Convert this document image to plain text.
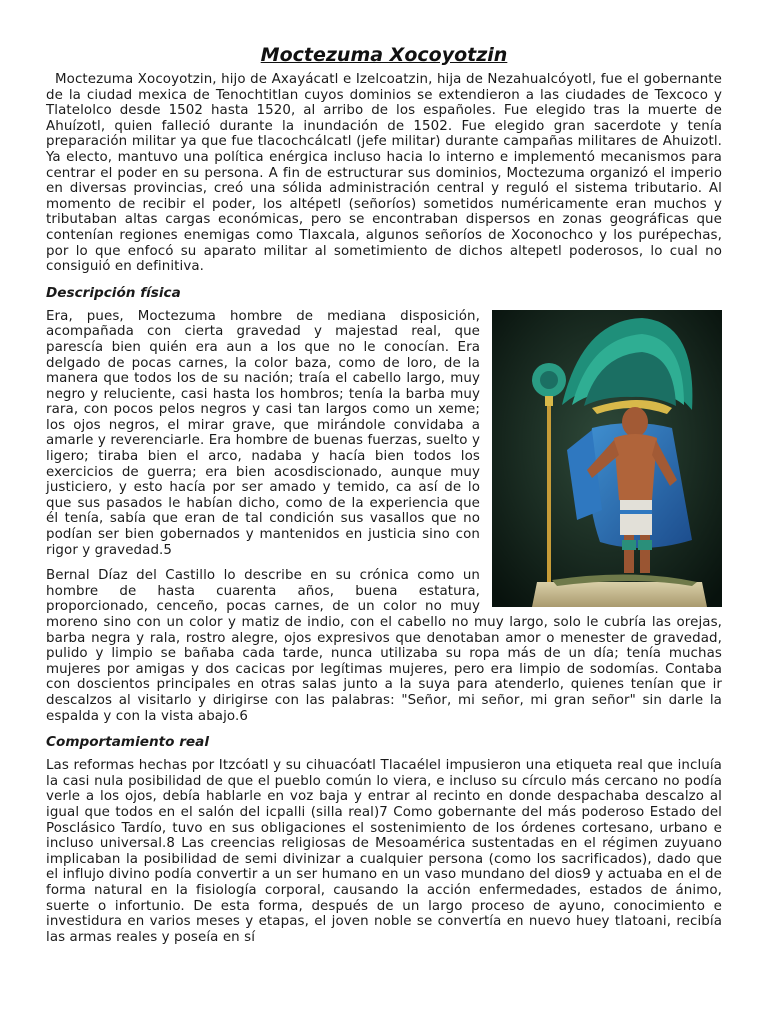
Moctezuma Xocoyotzin

Moctezuma Xocoyotzin, hijo de Axayácatl e Izelcoatzin, hija de Nezahualcóyotl, fue el gobernante de la ciudad mexica de Tenochtitlan cuyos dominios se extendieron a las ciudades de Texcoco y Tlatelolco desde 1502 hasta 1520, al arribo de los españoles. Fue elegido tras la muerte de Ahuízotl, quien falleció durante la inundación de 1502. Fue elegido gran sacerdote y tenía preparación militar ya que fue tlacochcálcatl (jefe militar) durante campañas militares de Ahuizotl. Ya electo, mantuvo una política enérgica incluso hacia lo interno e implementó mecanismos para centrar el poder en su persona. A fin de estructurar sus dominios, Moctezuma organizó el imperio en diversas provincias, creó una sólida administración central y reguló el sistema tributario. Al momento de recibir el poder, los altépetl (señoríos) sometidos numéricamente eran muchos y tributaban altas cargas económicas, pero se encontraban dispersos en zonas geográficas que contenían regiones enemigas como Tlaxcala, algunos señoríos de Xoconochco y los purépechas, por lo que enfocó su aparato militar al sometimiento de dichos altepetl poderosos, lo cual no consiguió en definitiva.

Descripción física

Era, pues, Moctezuma hombre de mediana disposición, acompañada con cierta gravedad y majestad real, que parescía bien quién era aun a los que no le conocían. Era delgado de pocas carnes, la color baza, como de loro, de la manera que todos los de su nación; traía el cabello largo, muy negro y reluciente, casi hasta los hombros; tenía la barba muy rara, con pocos pelos negros y casi tan largos como un xeme; los ojos negros, el mirar grave, que mirándole convidaba a amarle y reverenciarle. Era hombre de buenas fuerzas, suelto y ligero; tiraba bien el arco, nadaba y hacía bien todos los exercicios de guerra; era bien acosdiscionado, aunque muy justiciero, y esto hacía por ser amado y temido, ca así de lo que sus pasados le habían dicho, como de la experiencia que él tenía, sabía que eran de tal condición sus vasallos que no podían ser bien gobernados y mantenidos en justicia sino con rigor y gravedad.5

Bernal Díaz del Castillo lo describe en su crónica como un hombre de hasta cuarenta años, buena estatura, proporcionado, cenceño, pocas carnes, de un color no muy moreno sino con un color y matiz de indio, con el cabello no muy largo, solo le cubría las orejas, barba negra y rala, rostro alegre, ojos expresivos que denotaban amor o menester de gravedad, pulido y limpio se bañaba cada tarde, nunca utilizaba su ropa más de un día; tenía muchas mujeres por amigas y dos cacicas por legítimas mujeres, pero era limpio de sodomías. Contaba con doscientos principales en otras salas junto a la suya para atenderlo, quienes tenían que ir descalzos al visitarlo y dirigirse con las palabras: "Señor, mi señor, mi gran señor" sin darle la espalda y con la vista abajo.6

Comportamiento real

Las reformas hechas por Itzcóatl y su cihuacóatl Tlacaélel impusieron una etiqueta real que incluía la casi nula posibilidad de que el pueblo común lo viera, e incluso su círculo más cercano no podía verle a los ojos, debía hablarle en voz baja y entrar al recinto en donde despachaba descalzo al igual que todos en el salón del icpalli (silla real)7 Como gobernante del más poderoso Estado del Posclásico Tardío, tuvo en sus obligaciones el sostenimiento de los órdenes cortesano, urbano e incluso universal.8 Las creencias religiosas de Mesoamérica sustentadas en el régimen zuyuano implicaban la posibilidad de semi divinizar a cualquier persona (como los sacrificados), dado que el influjo divino podía convertir a un ser humano en un vaso mundano del dios9 y actuaba en el de forma natural en la fisiología corporal, causando la acción enfermedades, estados de ánimo, suerte o infortunio. De esta forma, después de un largo proceso de ayuno, conocimiento e investidura en varios meses y etapas, el joven noble se convertía en nuevo huey tlatoani, recibía las armas reales y poseía en sí
